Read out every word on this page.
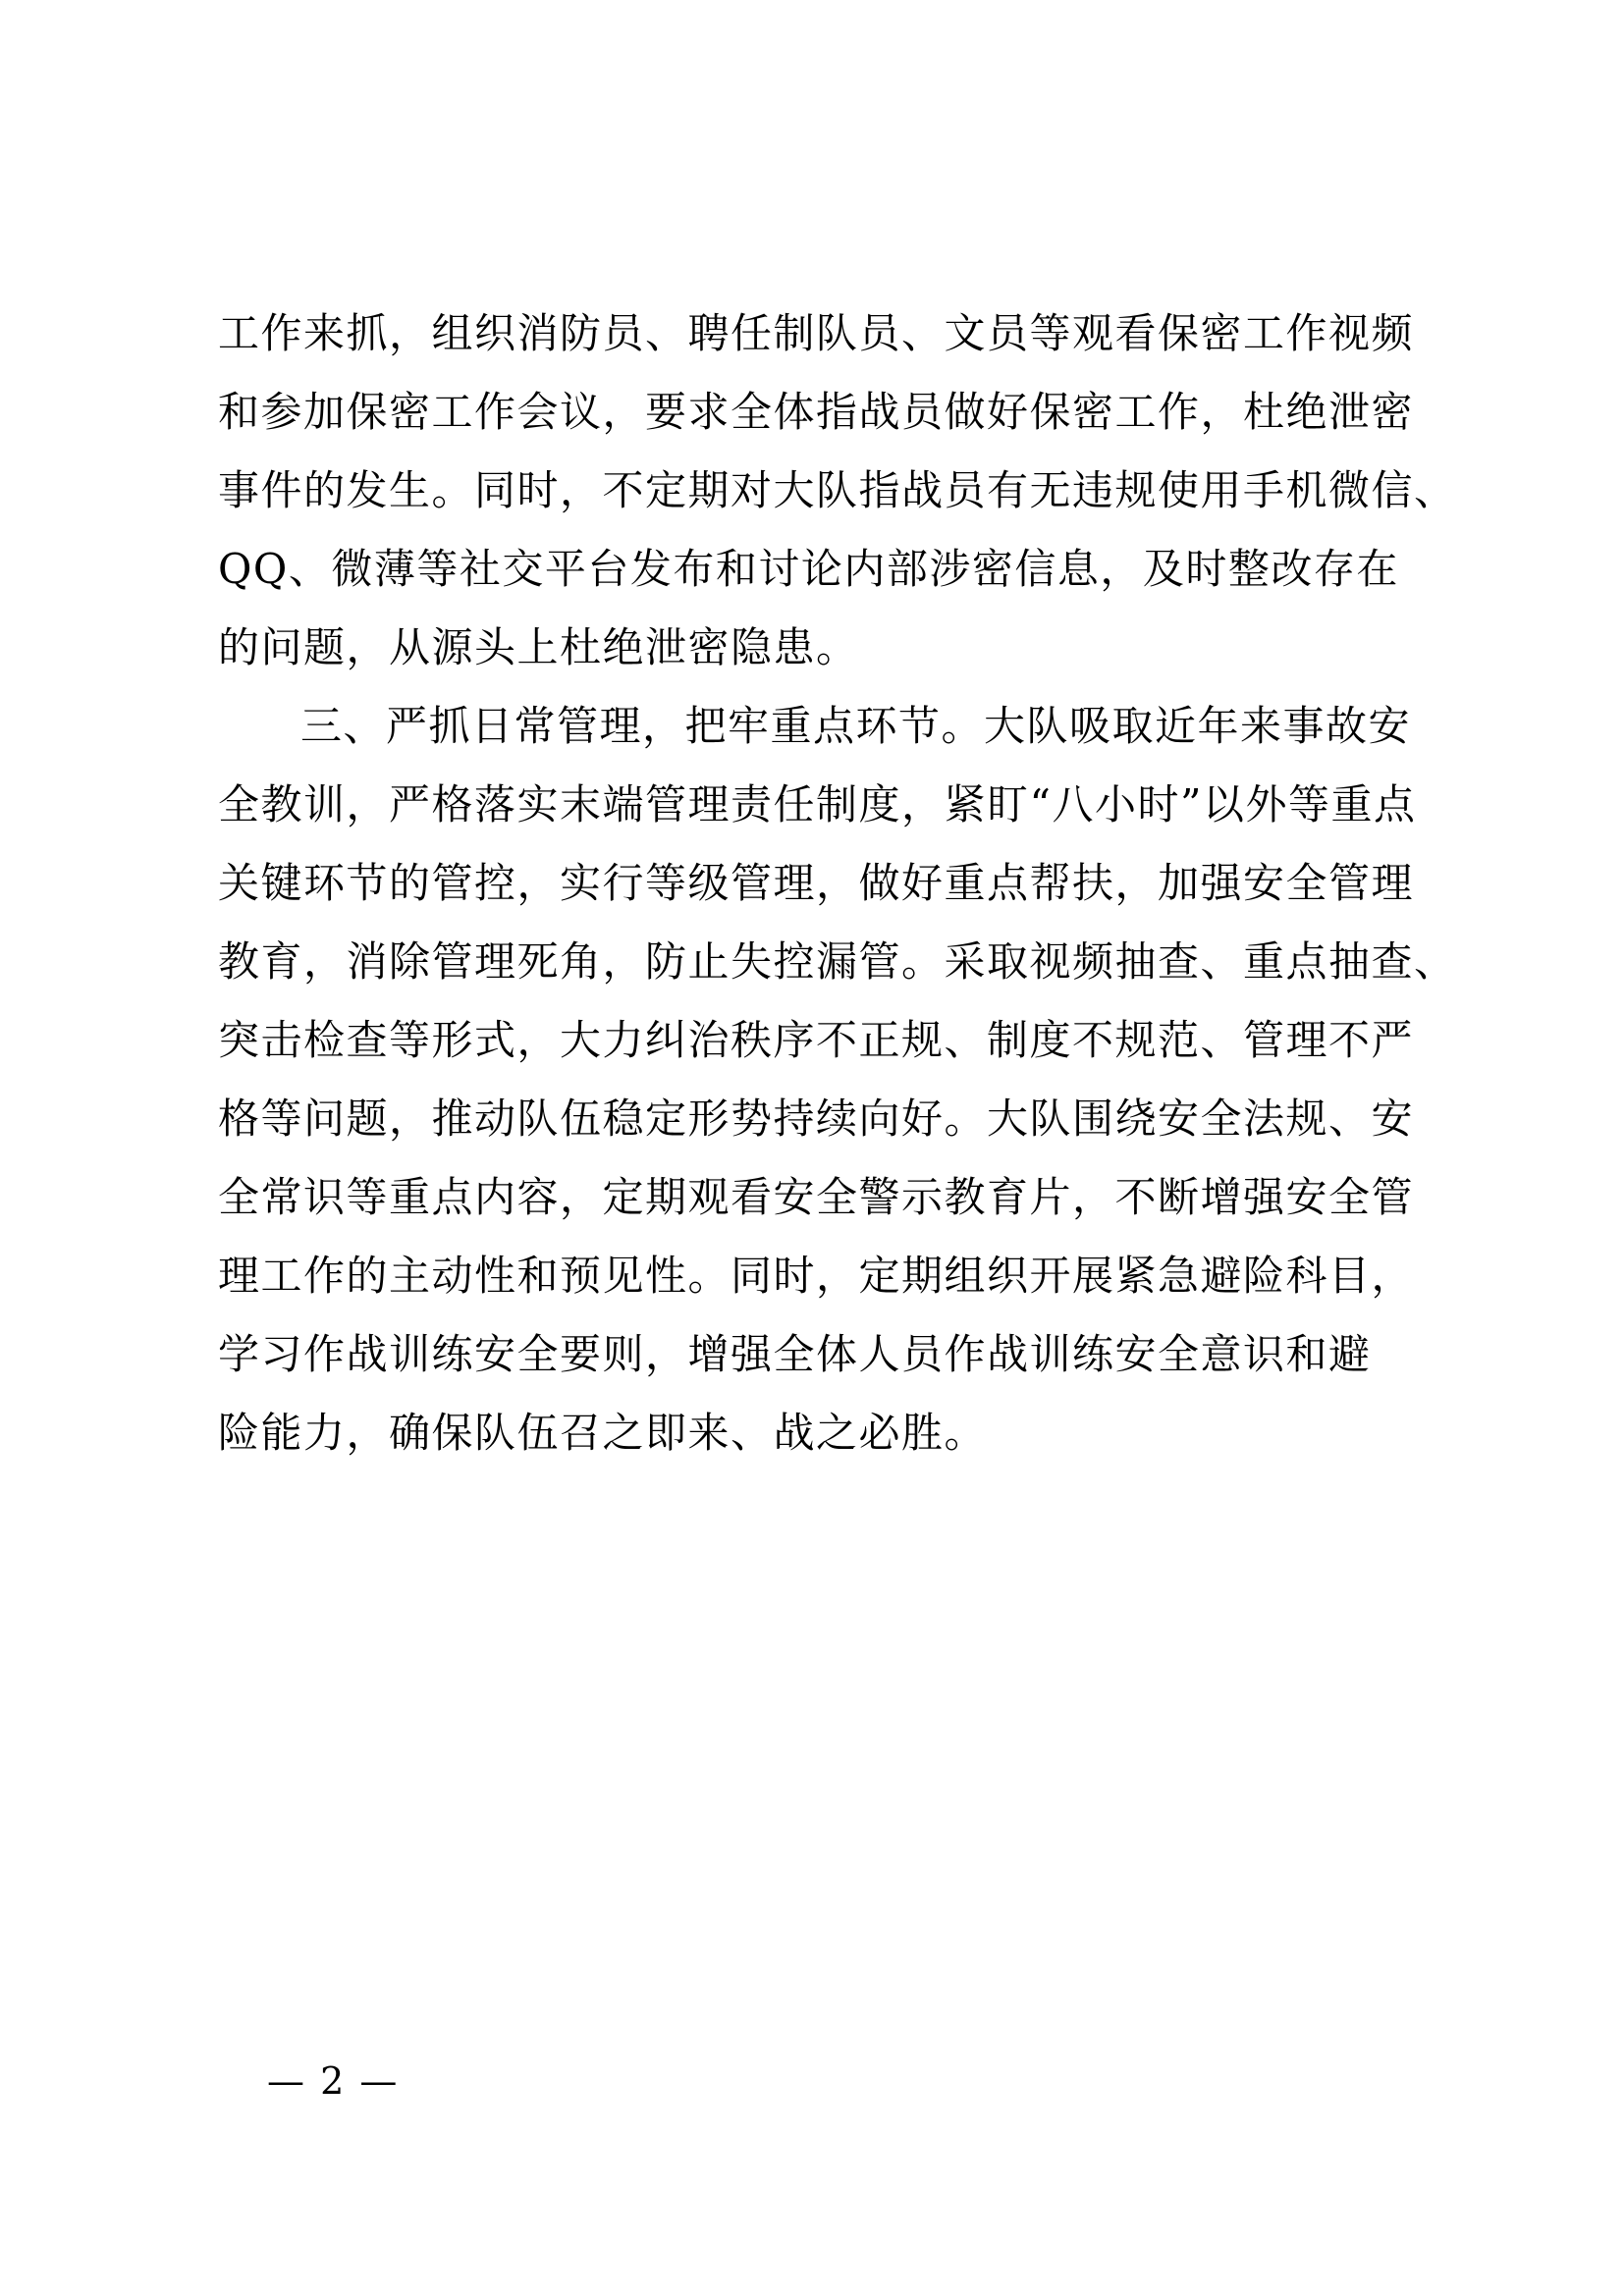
工作来抓，组织消防员、聘任制队员、文员等观看保密工作视频
和参加保密工作会议，要求全体指战员做好保密工作，杜绝泄密
事件的发生。同时，不定期对大队指战员有无违规使用手机微信、
QQ、微薄等社交平台发布和讨论内部涉密信息，及时整改存在
的问题，从源头上杜绝泄密隐患。
三、严抓日常管理，把牢重点环节。大队吸取近年来事故安
全教训，严格落实末端管理责任制度，紧盯“八小时”以外等重点
关键环节的管控，实行等级管理，做好重点帮扶，加强安全管理
教育，消除管理死角，防止失控漏管。采取视频抽查、重点抽查、
突击检查等形式，大力纠治秩序不正规、制度不规范、管理不严
格等问题，推动队伍稳定形势持续向好。大队围绕安全法规、安
全常识等重点内容，定期观看安全警示教育片，不断增强安全管
理工作的主动性和预见性。同时，定期组织开展紧急避险科目，
学习作战训练安全要则，增强全体人员作战训练安全意识和避
险能力，确保队伍召之即来、战之必胜。
— 2 —
